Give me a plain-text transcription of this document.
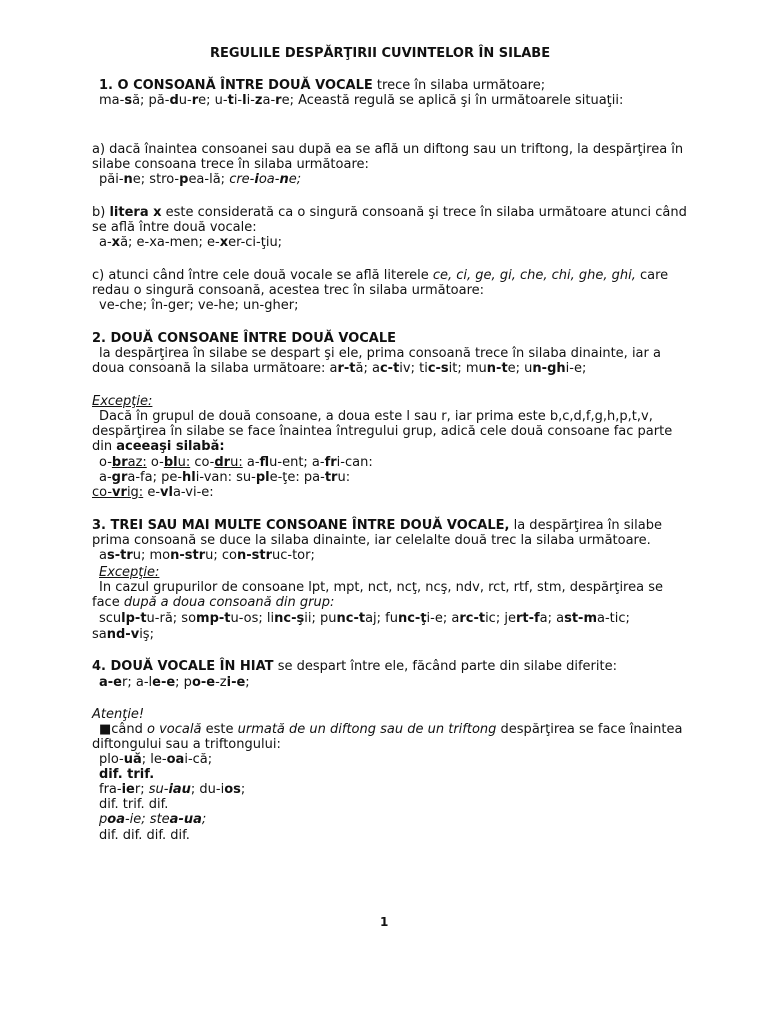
1
REGULILE DESPĂRŢIRII CUVINTELOR ÎN SILABE
1. O CONSOANĂ ÎNTRE DOUĂ VOCALE trece în silaba următoare;
ma-să; pă-du-re; u-ti-li-za-re; Această regulă se aplică şi în următoarele situaţii:
a) dacă înaintea consoanei sau după ea se află un diftong sau un triftong, la despărţirea în
silabe consoana trece în silaba următoare:
păi-ne; stro-pea-lă; cre-ioa-ne;
b) litera x este considerată ca o singură consoană şi trece în silaba următoare atunci când
se află între două vocale:
a-xă; e-xa-men; e-xer-ci-ţiu;
c) atunci când între cele două vocale se află literele ce, ci, ge, gi, che, chi, ghe, ghi, care
redau o singură consoană, acestea trec în silaba următoare:
ve-che; în-ger; ve-he; un-gher;
2. DOUĂ CONSOANE ÎNTRE DOUĂ VOCALE
la despărţirea în silabe se despart şi ele, prima consoană trece în silaba dinainte, iar a
doua consoană la silaba următoare: ar-tă; ac-tiv; tic-sit; mun-te; un-ghi-e;
Excepţie:
Dacă în grupul de două consoane, a doua este l sau r, iar prima este b,c,d,f,g,h,p,t,v,
despărţirea în silabe se face înaintea întregului grup, adică cele două consoane fac parte
din aceeaşi silabă:
o-braz: o-blu: co-dru: a-flu-ent; a-fri-can:
a-gra-fa; pe-hli-van: su-ple-ţe: pa-tru:
co-vrig: e-vla-vi-e:
3. TREI SAU MAI MULTE CONSOANE ÎNTRE DOUĂ VOCALE, la despărţirea în silabe
prima consoană se duce la silaba dinainte, iar celelalte două trec la silaba următoare.
as-tru; mon-stru; con-struc-tor;
Excepţie:
In cazul grupurilor de consoane lpt, mpt, nct, ncţ, ncş, ndv, rct, rtf, stm, despărţirea se
face după a doua consoană din grup:
sculp-tu-ră; somp-tu-os; linc-şii; punc-taj; func-ţi-e; arc-tic; jert-fa; ast-ma-tic;
sand-viş;
4. DOUĂ VOCALE ÎN HIAT se despart între ele, făcând parte din silabe diferite:
a-er; a-le-e; po-e-zi-e;
Atenţie!
■când o vocală este urmată de un diftong sau de un triftong despărţirea se face înaintea
diftongului sau a triftongului:
plo-uă; le-oai-că;
dif. trif.
fra-ier; su-iau; du-ios;
dif. trif. dif.
poa-ie; stea-ua;
dif. dif. dif. dif.
